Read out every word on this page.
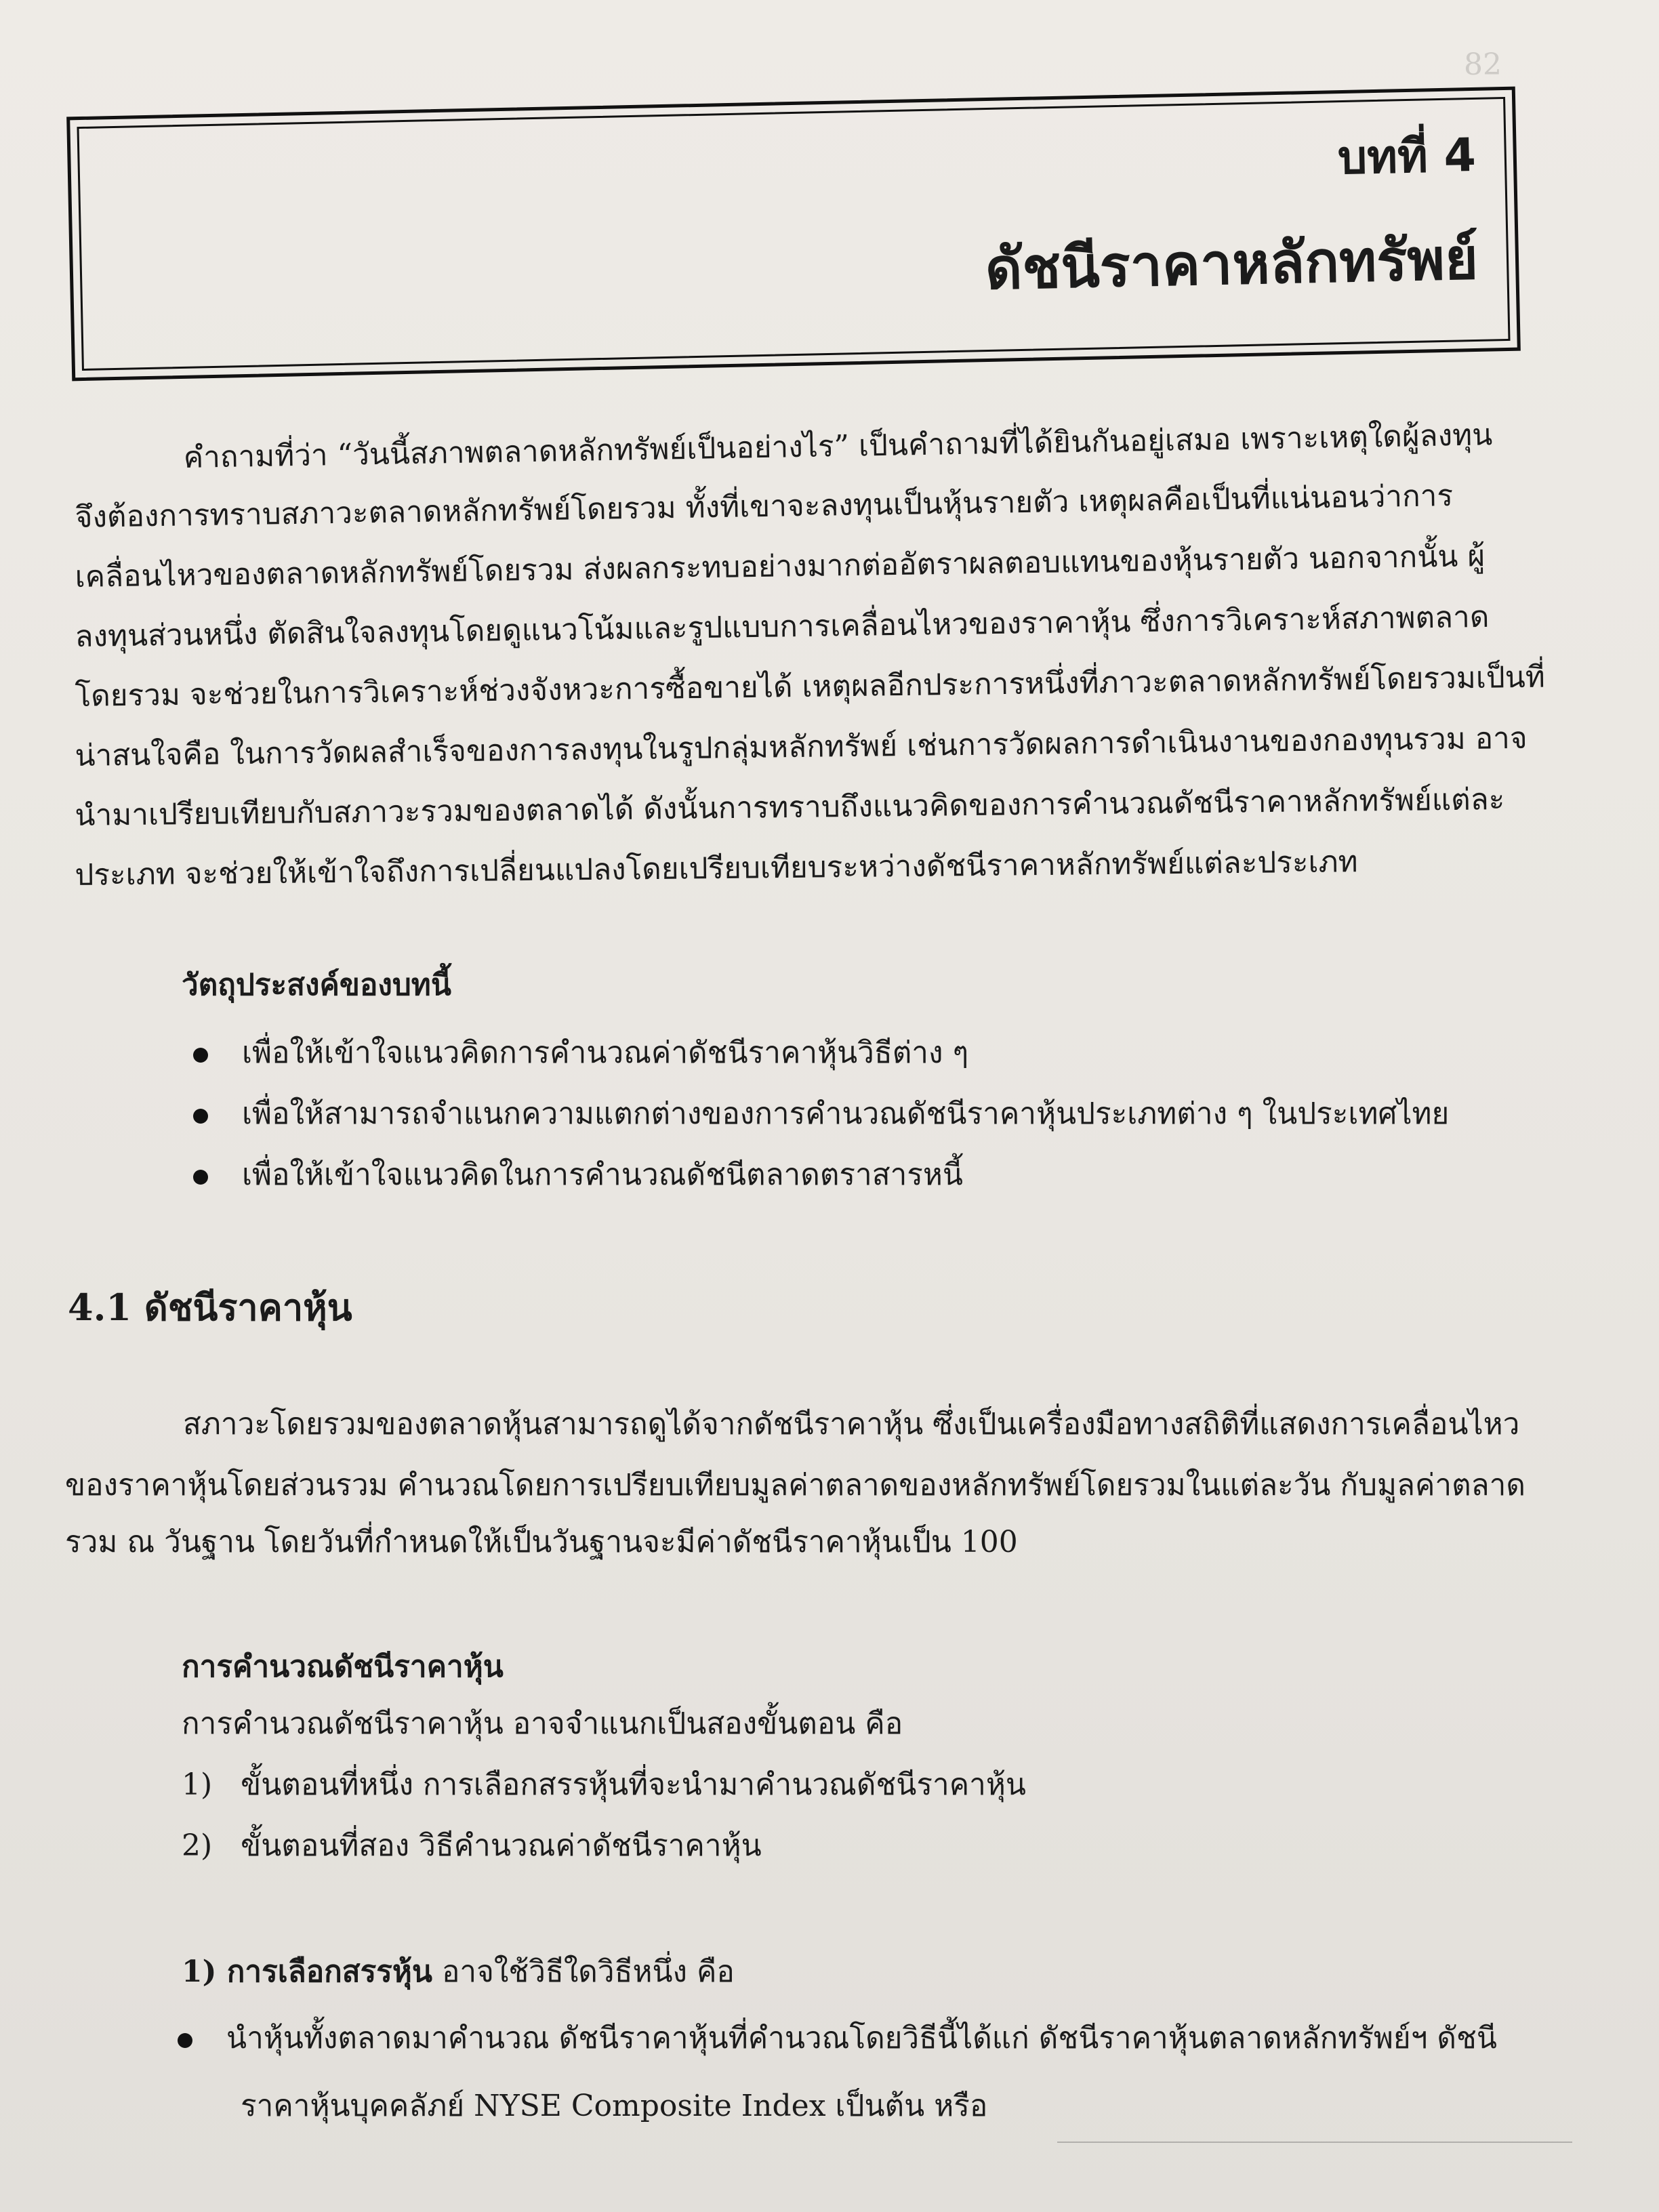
82
​
บทที่ 4
ดัชนีราคาหลักทรัพย์
คำถามที่ว่า “วันนี้สภาพตลาดหลักทรัพย์เป็นอย่างไร” เป็นคำถามที่ได้ยินกันอยู่เสมอ เพราะเหตุใดผู้ลงทุน
จึงต้องการทราบสภาวะตลาดหลักทรัพย์โดยรวม ทั้งที่เขาจะลงทุนเป็นหุ้นรายตัว เหตุผลคือเป็นที่แน่นอนว่าการ
เคลื่อนไหวของตลาดหลักทรัพย์โดยรวม ส่งผลกระทบอย่างมากต่ออัตราผลตอบแทนของหุ้นรายตัว นอกจากนั้น ผู้
ลงทุนส่วนหนึ่ง ตัดสินใจลงทุนโดยดูแนวโน้มและรูปแบบการเคลื่อนไหวของราคาหุ้น ซึ่งการวิเคราะห์สภาพตลาด
โดยรวม จะช่วยในการวิเคราะห์ช่วงจังหวะการซื้อขายได้ เหตุผลอีกประการหนึ่งที่ภาวะตลาดหลักทรัพย์โดยรวมเป็นที่
น่าสนใจคือ ในการวัดผลสำเร็จของการลงทุนในรูปกลุ่มหลักทรัพย์ เช่นการวัดผลการดำเนินงานของกองทุนรวม อาจ
นำมาเปรียบเทียบกับสภาวะรวมของตลาดได้ ดังนั้นการทราบถึงแนวคิดของการคำนวณดัชนีราคาหลักทรัพย์แต่ละ
ประเภท จะช่วยให้เข้าใจถึงการเปลี่ยนแปลงโดยเปรียบเทียบระหว่างดัชนีราคาหลักทรัพย์แต่ละประเภท
วัตถุประสงค์ของบทนี้
เพื่อให้เข้าใจแนวคิดการคำนวณค่าดัชนีราคาหุ้นวิธีต่าง ๆ
เพื่อให้สามารถจำแนกความแตกต่างของการคำนวณดัชนีราคาหุ้นประเภทต่าง ๆ ในประเทศไทย
เพื่อให้เข้าใจแนวคิดในการคำนวณดัชนีตลาดตราสารหนี้
4.1 ดัชนีราคาหุ้น
สภาวะโดยรวมของตลาดหุ้นสามารถดูได้จากดัชนีราคาหุ้น ซึ่งเป็นเครื่องมือทางสถิติที่แสดงการเคลื่อนไหว
ของราคาหุ้นโดยส่วนรวม คำนวณโดยการเปรียบเทียบมูลค่าตลาดของหลักทรัพย์โดยรวมในแต่ละวัน กับมูลค่าตลาด
รวม ณ วันฐาน โดยวันที่กำหนดให้เป็นวันฐานจะมีค่าดัชนีราคาหุ้นเป็น 100
การคำนวณดัชนีราคาหุ้น
การคำนวณดัชนีราคาหุ้น อาจจำแนกเป็นสองขั้นตอน คือ
1) ขั้นตอนที่หนึ่ง การเลือกสรรหุ้นที่จะนำมาคำนวณดัชนีราคาหุ้น
2) ขั้นตอนที่สอง วิธีคำนวณค่าดัชนีราคาหุ้น
1) การเลือกสรรหุ้น อาจใช้วิธีใดวิธีหนึ่ง คือ
นำหุ้นทั้งตลาดมาคำนวณ ดัชนีราคาหุ้นที่คำนวณโดยวิธีนี้ได้แก่ ดัชนีราคาหุ้นตลาดหลักทรัพย์ฯ ดัชนี
ราคาหุ้นบุคคลัภย์ NYSE Composite Index เป็นต้น หรือ
